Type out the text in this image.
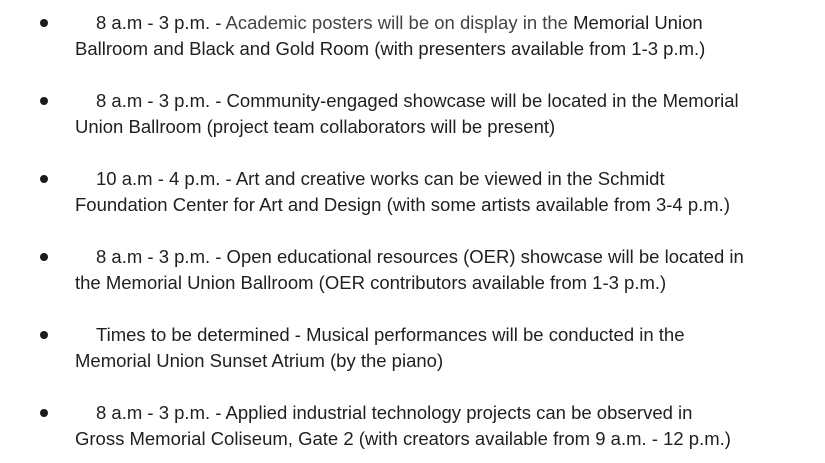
8 a.m - 3 p.m. - Academic posters will be on display in the Memorial Union
Ballroom and Black and Gold Room (with presenters available from 1-3 p.m.)
8 a.m - 3 p.m. - Community-engaged showcase will be located in the Memorial
Union Ballroom (project team collaborators will be present)
10 a.m - 4 p.m. - Art and creative works can be viewed in the Schmidt
Foundation Center for Art and Design (with some artists available from 3-4 p.m.)
8 a.m - 3 p.m. - Open educational resources (OER) showcase will be located in
the Memorial Union Ballroom (OER contributors available from 1-3 p.m.)
Times to be determined - Musical performances will be conducted in the
Memorial Union Sunset Atrium (by the piano)
8 a.m - 3 p.m. - Applied industrial technology projects can be observed in
Gross Memorial Coliseum, Gate 2 (with creators available from 9 a.m. - 12 p.m.)
